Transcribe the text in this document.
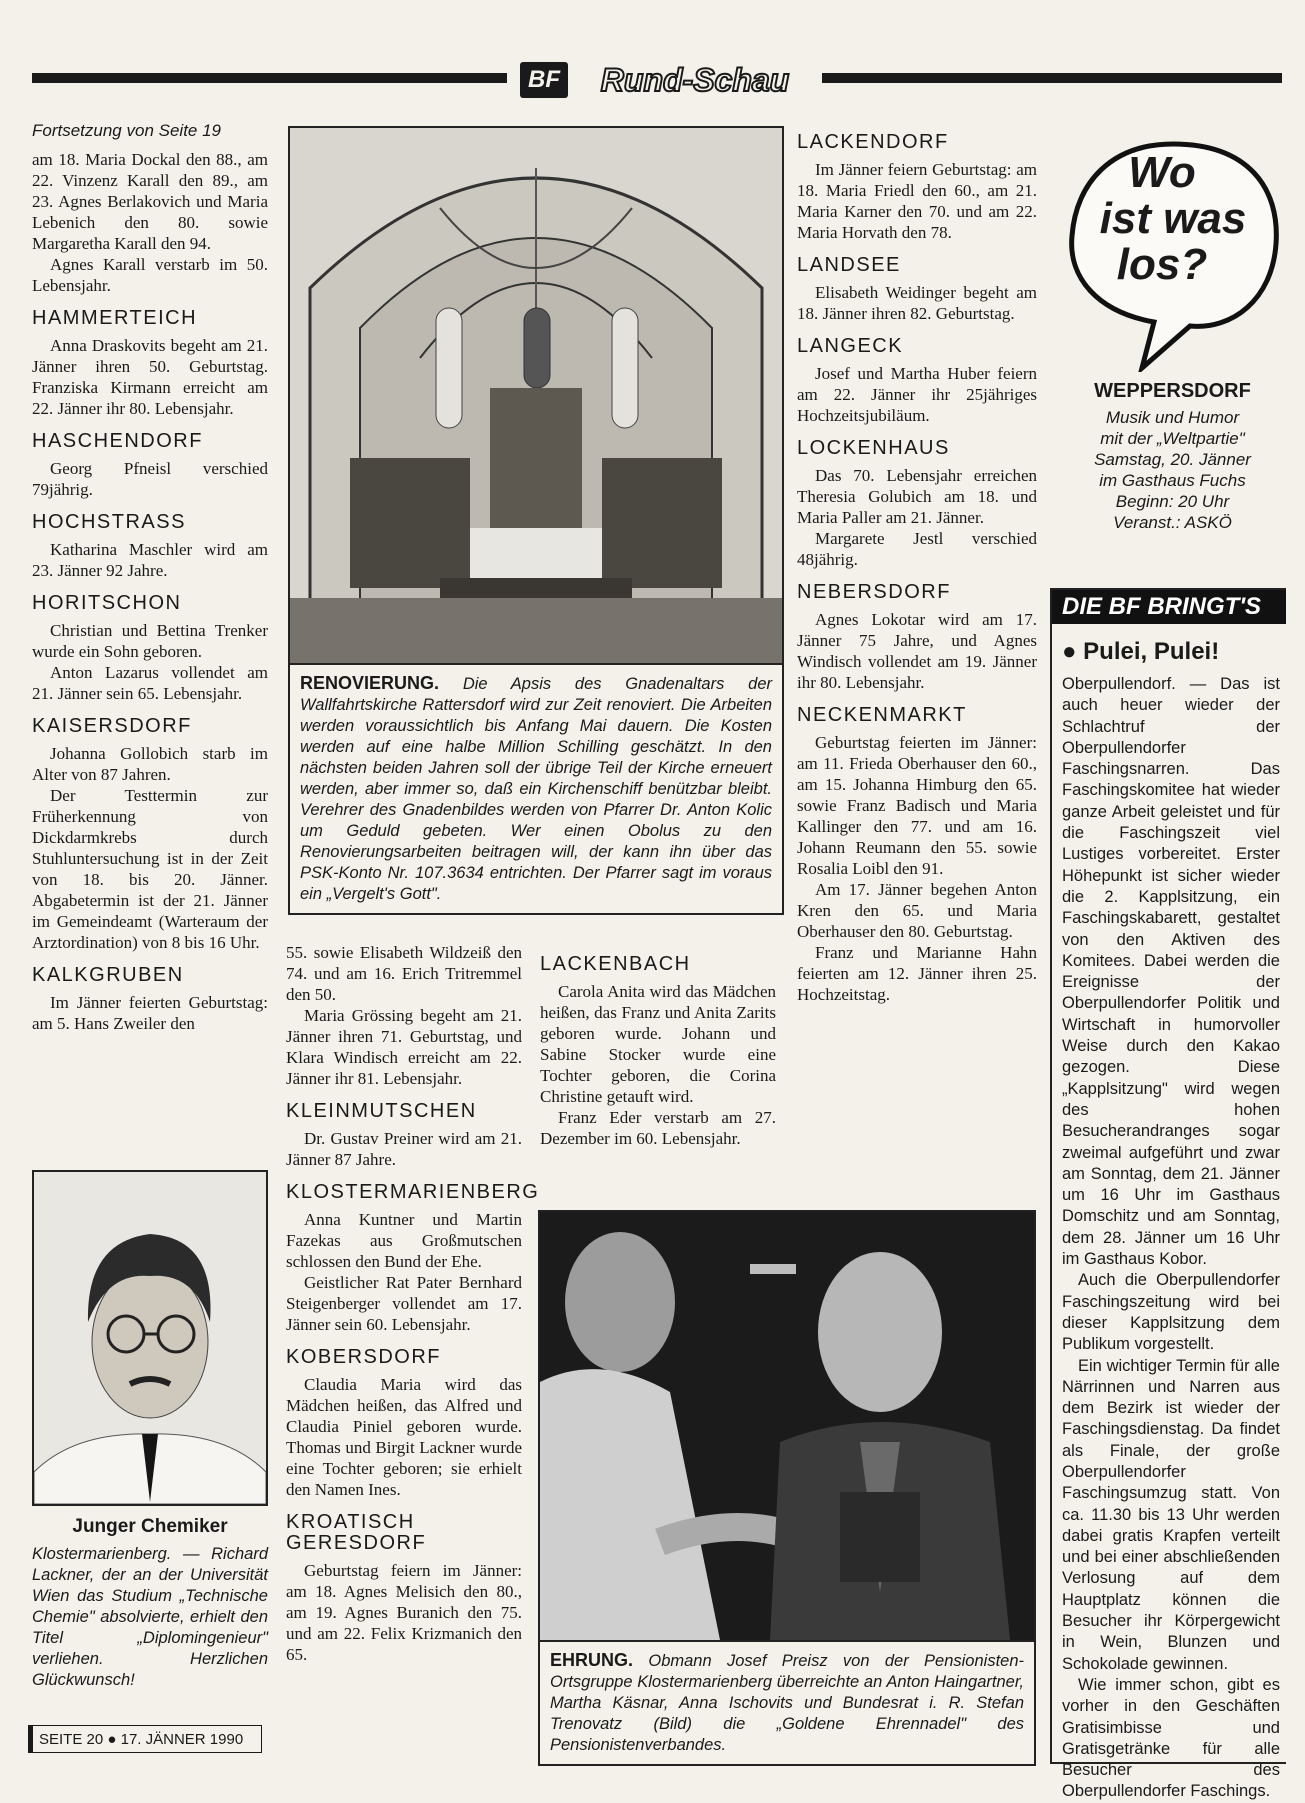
BF	Rund-Schau
Fortsetzung von Seite 19

am 18. Maria Dockal den 88., am 22. Vinzenz Karall den 89., am 23. Agnes Berlakovich und Maria Lebenich den 80. sowie Margaretha Karall den 94.

Agnes Karall verstarb im 50. Lebensjahr.

HAMMERTEICH

Anna Draskovits begeht am 21. Jänner ihren 50. Geburtstag. Franziska Kirmann erreicht am 22. Jänner ihr 80. Lebensjahr.

HASCHENDORF

Georg Pfneisl verschied 79jährig.

HOCHSTRASS

Katharina Maschler wird am 23. Jänner 92 Jahre.

HORITSCHON

Christian und Bettina Trenker wurde ein Sohn geboren.

Anton Lazarus vollendet am 21. Jänner sein 65. Lebensjahr.

KAISERSDORF

Johanna Gollobich starb im Alter von 87 Jahren.

Der Testtermin zur Früherkennung von Dickdarmkrebs durch Stuhluntersuchung ist in der Zeit von 18. bis 20. Jänner. Abgabetermin ist der 21. Jänner im Gemeindeamt (Warteraum der Arztordination) von 8 bis 16 Uhr.

KALKGRUBEN

Im Jänner feierten Geburtstag: am 5. Hans Zweiler den

Junger Chemiker
Klostermarienberg. — Richard Lackner, der an der Universität Wien das Studium „Technische Chemie" absolvierte, erhielt den Titel „Diplomingenieur" verliehen. Herzlichen Glückwunsch!
SEITE 20 ● 17. JÄNNER 1990
RENOVIERUNG. Die Apsis des Gnadenaltars der Wallfahrtskirche Rattersdorf wird zur Zeit renoviert. Die Arbeiten werden voraussichtlich bis Anfang Mai dauern. Die Kosten werden auf eine halbe Million Schilling geschätzt. In den nächsten beiden Jahren soll der übrige Teil der Kirche erneuert werden, aber immer so, daß ein Kirchenschiff benützbar bleibt. Verehrer des Gnadenbildes werden von Pfarrer Dr. Anton Kolic um Geduld gebeten. Wer einen Obolus zu den Renovierungsarbeiten beitragen will, der kann ihn über das PSK-Konto Nr. 107.3634 entrichten. Der Pfarrer sagt im voraus ein „Vergelt's Gott".

55. sowie Elisabeth Wildzeiß den 74. und am 16. Erich Tritremmel den 50.

Maria Grössing begeht am 21. Jänner ihren 71. Geburtstag, und Klara Windisch erreicht am 22. Jänner ihr 81. Lebensjahr.

KLEINMUTSCHEN

Dr. Gustav Preiner wird am 21. Jänner 87 Jahre.

KLOSTERMARIENBERG

Anna Kuntner und Martin Fazekas aus Großmutschen schlossen den Bund der Ehe.

Geistlicher Rat Pater Bernhard Steigenberger vollendet am 17. Jänner sein 60. Lebensjahr.

KOBERSDORF

Claudia Maria wird das Mädchen heißen, das Alfred und Claudia Piniel geboren wurde. Thomas und Birgit Lackner wurde eine Tochter geboren; sie erhielt den Namen Ines.

KROATISCH GERESDORF

Geburtstag feiern im Jänner: am 18. Agnes Melisich den 80., am 19. Agnes Buranich den 75. und am 22. Felix Krizmanich den 65.

LACKENBACH

Carola Anita wird das Mädchen heißen, das Franz und Anita Zarits geboren wurde. Johann und Sabine Stocker wurde eine Tochter geboren, die Corina Christine getauft wird.

Franz Eder verstarb am 27. Dezember im 60. Lebensjahr.

LACKENDORF

Im Jänner feiern Geburtstag: am 18. Maria Friedl den 60., am 21. Maria Karner den 70. und am 22. Maria Horvath den 78.

LANDSEE

Elisabeth Weidinger begeht am 18. Jänner ihren 82. Geburtstag.

LANGECK

Josef und Martha Huber feiern am 22. Jänner ihr 25jähriges Hochzeitsjubiläum.

LOCKENHAUS

Das 70. Lebensjahr erreichen Theresia Golubich am 18. und Maria Paller am 21. Jänner.

Margarete Jestl verschied 48jährig.

NEBERSDORF

Agnes Lokotar wird am 17. Jänner 75 Jahre, und Agnes Windisch vollendet am 19. Jänner ihr 80. Lebensjahr.

NECKENMARKT

Geburtstag feierten im Jänner: am 11. Frieda Oberhauser den 60., am 15. Johanna Himburg den 65. sowie Franz Badisch und Maria Kallinger den 77. und am 16. Johann Reumann den 55. sowie Rosalia Loibl den 91.

Am 17. Jänner begehen Anton Kren den 65. und Maria Oberhauser den 80. Geburtstag.

Franz und Marianne Hahn feierten am 12. Jänner ihren 25. Hochzeitstag.

EHRUNG. Obmann Josef Preisz von der Pensionisten-Ortsgruppe Klostermarienberg überreichte an Anton Haingartner, Martha Käsnar, Anna Ischovits und Bundesrat i. R. Stefan Trenovatz (Bild) die „Goldene Ehrennadel" des Pensionistenverbandes.
Wo
ist was
los?
WEPPERSDORF
Musik und Humor
mit der „Weltpartie"
Samstag, 20. Jänner
im Gasthaus Fuchs
Beginn: 20 Uhr
Veranst.: ASKÖ
DIE BF BRINGT'S
● Pulei, Pulei!

Oberpullendorf. — Das ist auch heuer wieder der Schlachtruf der Oberpullendorfer Faschingsnarren. Das Faschingskomitee hat wieder ganze Arbeit geleistet und für die Faschingszeit viel Lustiges vorbereitet. Erster Höhepunkt ist sicher wieder die 2. Kapplsitzung, ein Faschingskabarett, gestaltet von den Aktiven des Komitees. Dabei werden die Ereignisse der Oberpullendorfer Politik und Wirtschaft in humorvoller Weise durch den Kakao gezogen. Diese „Kapplsitzung" wird wegen des hohen Besucherandranges sogar zweimal aufgeführt und zwar am Sonntag, dem 21. Jänner um 16 Uhr im Gasthaus Domschitz und am Sonntag, dem 28. Jänner um 16 Uhr im Gasthaus Kobor.

Auch die Oberpullendorfer Faschingszeitung wird bei dieser Kapplsitzung dem Publikum vorgestellt.

Ein wichtiger Termin für alle Närrinnen und Narren aus dem Bezirk ist wieder der Faschingsdienstag. Da findet als Finale, der große Oberpullendorfer Faschingsumzug statt. Von ca. 11.30 bis 13 Uhr werden dabei gratis Krapfen verteilt und bei einer abschließenden Verlosung auf dem Hauptplatz können die Besucher ihr Körpergewicht in Wein, Blunzen und Schokolade gewinnen.

Wie immer schon, gibt es vorher in den Geschäften Gratisimbisse und Gratisgetränke für alle Besucher des Oberpullendorfer Faschings.
